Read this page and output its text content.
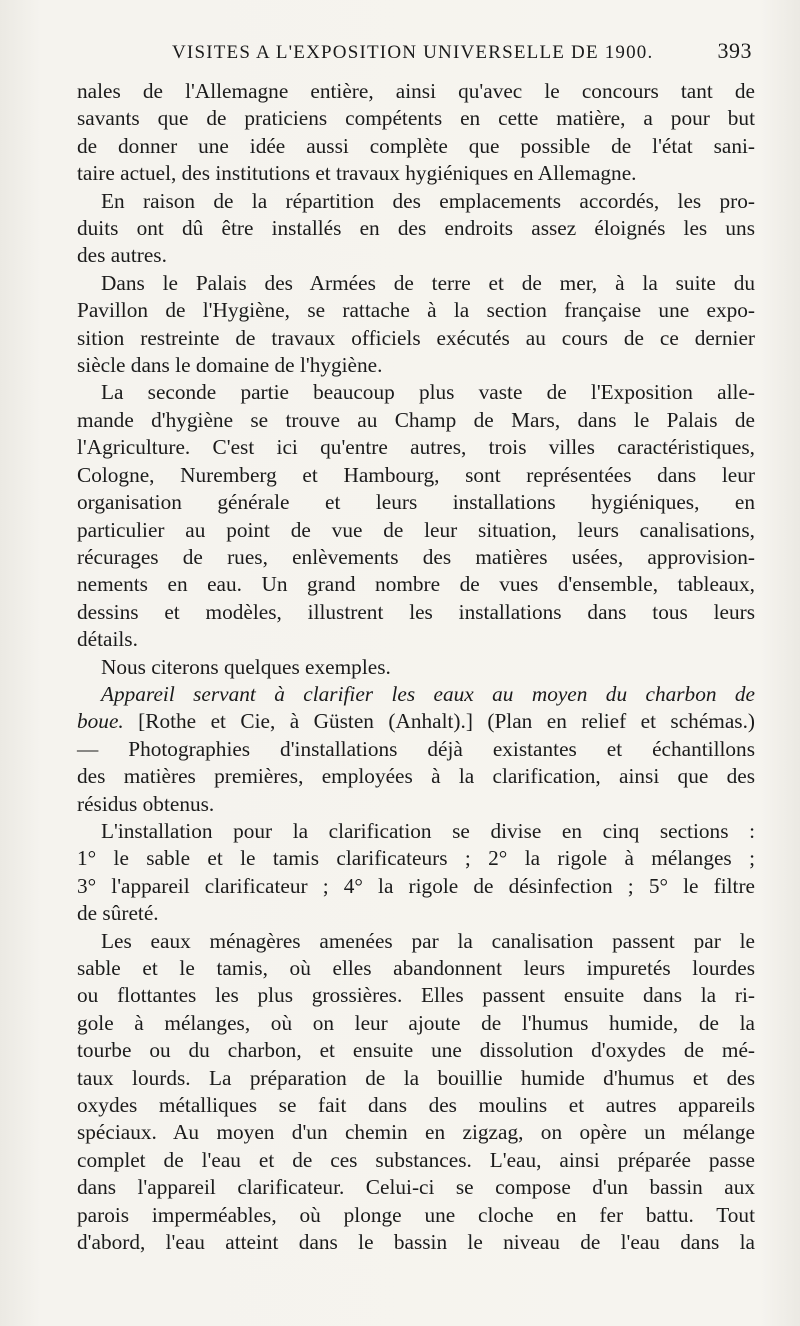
VISITES A L'EXPOSITION UNIVERSELLE DE 1900.	393
nales de l'Allemagne entière, ainsi qu'avec le concours tant de
savants que de praticiens compétents en cette matière, a pour but
de donner une idée aussi complète que possible de l'état sani-
taire actuel, des institutions et travaux hygiéniques en Allemagne.
En raison de la répartition des emplacements accordés, les pro-
duits ont dû être installés en des endroits assez éloignés les uns
des autres.
Dans le Palais des Armées de terre et de mer, à la suite du
Pavillon de l'Hygiène, se rattache à la section française une expo-
sition restreinte de travaux officiels exécutés au cours de ce dernier
siècle dans le domaine de l'hygiène.
La seconde partie beaucoup plus vaste de l'Exposition alle-
mande d'hygiène se trouve au Champ de Mars, dans le Palais de
l'Agriculture. C'est ici qu'entre autres, trois villes caractéristiques,
Cologne, Nuremberg et Hambourg, sont représentées dans leur
organisation générale et leurs installations hygiéniques, en
particulier au point de vue de leur situation, leurs canalisations,
récurages de rues, enlèvements des matières usées, approvision-
nements en eau. Un grand nombre de vues d'ensemble, tableaux,
dessins et modèles, illustrent les installations dans tous leurs
détails.
Nous citerons quelques exemples.
Appareil servant à clarifier les eaux au moyen du charbon de
boue. [Rothe et Cie, à Güsten (Anhalt).] (Plan en relief et schémas.)
— Photographies d'installations déjà existantes et échantillons
des matières premières, employées à la clarification, ainsi que des
résidus obtenus.
L'installation pour la clarification se divise en cinq sections :
1° le sable et le tamis clarificateurs ; 2° la rigole à mélanges ;
3° l'appareil clarificateur ; 4° la rigole de désinfection ; 5° le filtre
de sûreté.
Les eaux ménagères amenées par la canalisation passent par le
sable et le tamis, où elles abandonnent leurs impuretés lourdes
ou flottantes les plus grossières. Elles passent ensuite dans la ri-
gole à mélanges, où on leur ajoute de l'humus humide, de la
tourbe ou du charbon, et ensuite une dissolution d'oxydes de mé-
taux lourds. La préparation de la bouillie humide d'humus et des
oxydes métalliques se fait dans des moulins et autres appareils
spéciaux. Au moyen d'un chemin en zigzag, on opère un mélange
complet de l'eau et de ces substances. L'eau, ainsi préparée passe
dans l'appareil clarificateur. Celui-ci se compose d'un bassin aux
parois imperméables, où plonge une cloche en fer battu. Tout
d'abord, l'eau atteint dans le bassin le niveau de l'eau dans la
